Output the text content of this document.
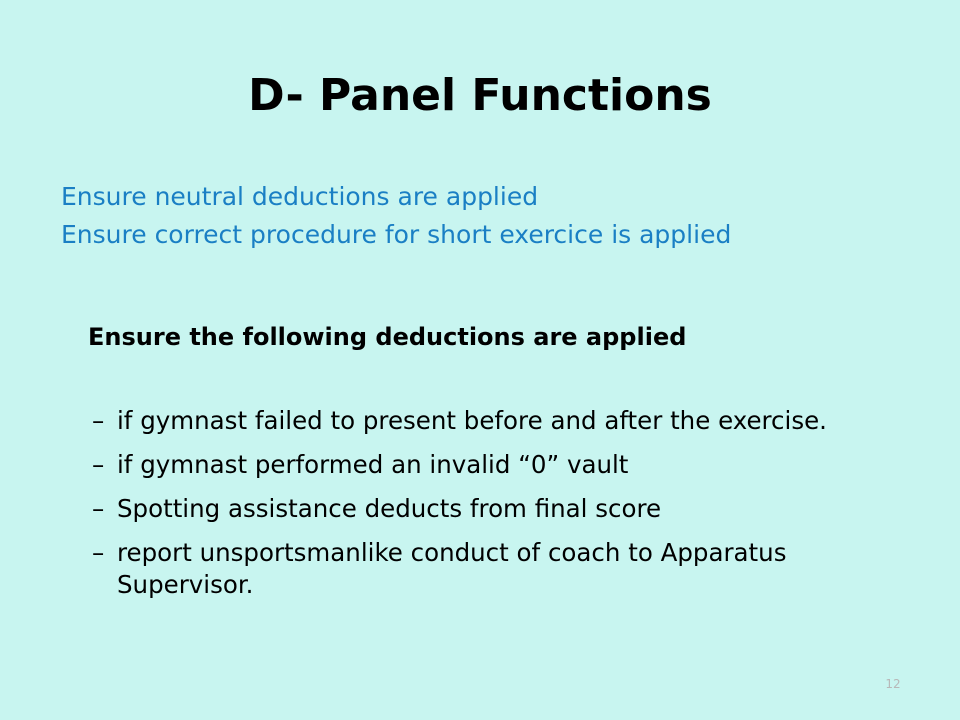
D- Panel Functions
Ensure neutral deductions are applied
Ensure correct procedure for short exercice is applied

Ensure the following deductions are applied

– if gymnast failed to present before and after the exercise.
– if gymnast performed an invalid “0” vault
– Spotting assistance deducts from final score
– report unsportsmanlike conduct of coach to Apparatus Supervisor.
12
